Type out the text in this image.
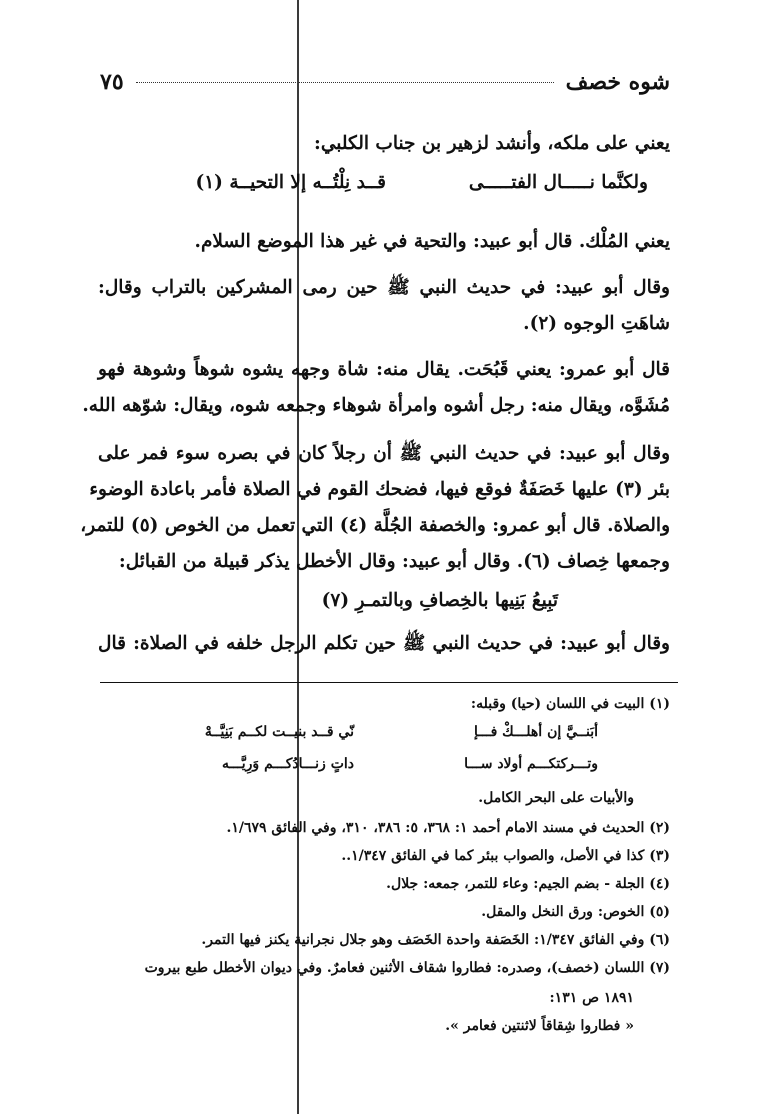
شوه خصف
٧٥
يعني على ملكه، وأنشد لزهير بن جناب الكلبي:
ولكنَّما نـــــال الفتـــــى
قــد نِلْتُــه إلا التحيــة (١)
يعني المُلْك. قال أبو عبيد: والتحية في غير هذا الموضع السلام.
وقال أبو عبيد: في حديث النبي ﷺ حين رمى المشركين بالتراب وقال:
شاهَتِ الوجوه (٢).
قال أبو عمرو: يعني قَبُحَت. يقال منه: شاة وجهه يشوه شوهاً وشوهة فهو
مُشَوَّه، ويقال منه: رجل أشوه وامرأة شوهاء وجمعه شوه، ويقال: شوّهه الله.
وقال أبو عبيد: في حديث النبي ﷺ أن رجلاً كان في بصره سوء فمر على
بئر (٣) عليها خَصَفَةٌ فوقع فيها، فضحك القوم في الصلاة فأمر باعادة الوضوء
والصلاة. قال أبو عمرو: والخصفة الجُلَّة (٤) التي تعمل من الخوص (٥) للتمر،
وجمعها خِصاف (٦). وقال أبو عبيد: وقال الأخطل يذكر قبيلة من القبائل:
تَبِيعُ بَنِيها بالخِصافِ وبالتمـرِ (٧)
وقال أبو عبيد: في حديث النبي ﷺ حين تكلم الرجل خلفه في الصلاة: قال
(١) البيت في اللسان (حيا) وقبله:
أبَنــيَّ إن أهلـــكْ فـــإ
نّي قــد بنيــت لكــم بَنِيَّــهْ
وتـــركتكـــم أولاد ســـا
داتٍ زنـــادُكـــم وَرِيَّـــه
والأبيات على البحر الكامل.
(٢) الحديث في مسند الامام أحمد ١: ٣٦٨، ٥: ٣٨٦، ٣١٠، وفي الفائق ١/٦٧٩.
(٣) كذا في الأصل، والصواب ببئر كما في الفائق ١/٣٤٧..
(٤) الجلة - بضم الجيم: وعاء للتمر، جمعه: جلال.
(٥) الخوص: ورق النخل والمقل.
(٦) وفي الفائق ١/٣٤٧: الخَصَفة واحدة الخَصَف وهو جلال نجرانية يكنز فيها التمر.
(٧) اللسان (خصف)، وصدره: فطاروا شقاف الأثنين فعامرٌ. وفي ديوان الأخطل طبع بيروت
١٨٩١ ص ١٣١:
« فطاروا شِقاقاً لاثنتين فعامر ».
